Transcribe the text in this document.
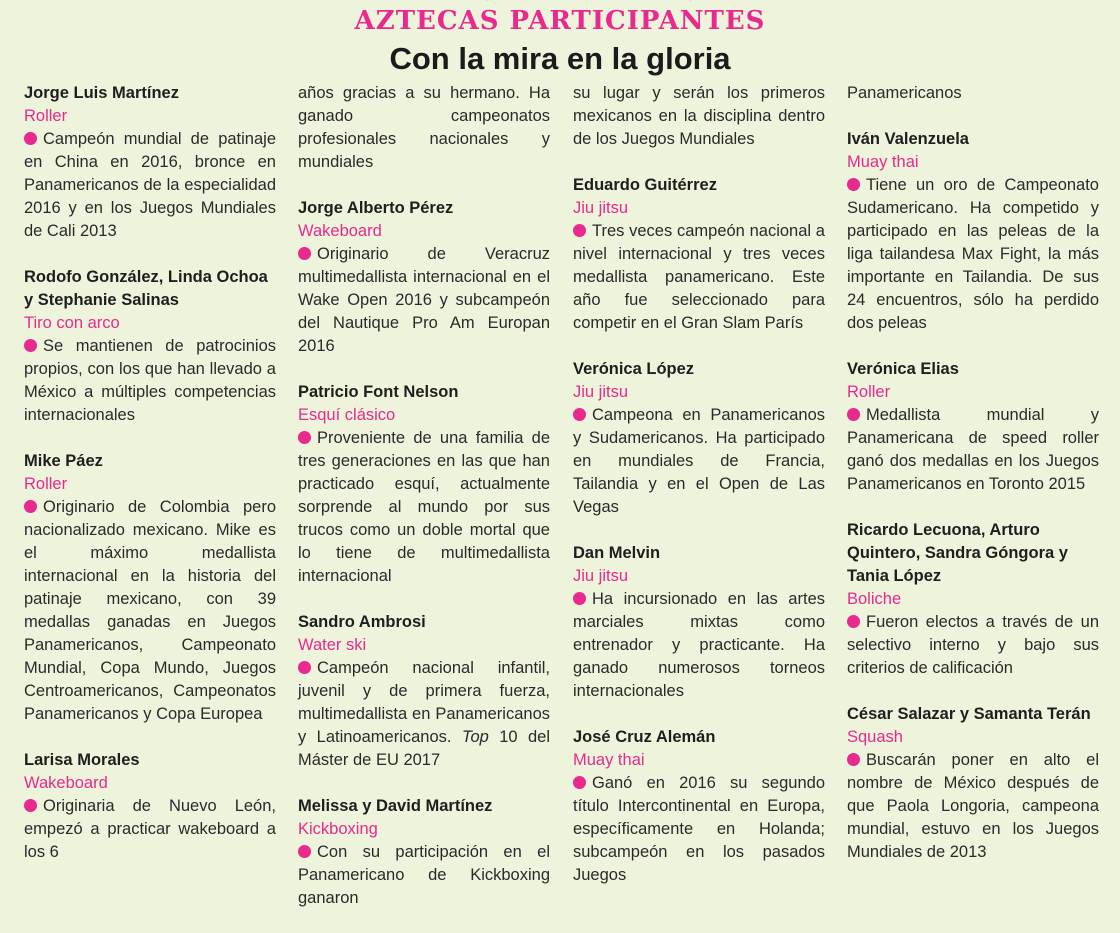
AZTECAS PARTICIPANTES
Con la mira en la gloria
Jorge Luis Martínez
Roller
Campeón mundial de patinaje en China en 2016, bronce en Panamericanos de la especialidad 2016 y en los Juegos Mundiales de Cali 2013
Rodofo González, Linda Ochoa y Stephanie Salinas
Tiro con arco
Se mantienen de patrocinios propios, con los que han llevado a México a múltiples competencias internacionales
Mike Páez
Roller
Originario de Colombia pero nacionalizado mexicano. Mike es el máximo medallista internacional en la historia del patinaje mexicano, con 39 medallas ganadas en Juegos Panamericanos, Campeonato Mundial, Copa Mundo, Juegos Centroamericanos, Campeonatos Panamericanos y Copa Europea
Larisa Morales
Wakeboard
Originaria de Nuevo León, empezó a practicar wakeboard a los 6
años gracias a su hermano. Ha ganado campeonatos profesionales nacionales y mundiales
Jorge Alberto Pérez
Wakeboard
Originario de Veracruz multimedallista internacional en el Wake Open 2016 y subcampeón del Nautique Pro Am Europan 2016
Patricio Font Nelson
Esquí clásico
Proveniente de una familia de tres generaciones en las que han practicado esquí, actualmente sorprende al mundo por sus trucos como un doble mortal que lo tiene de multimedallista internacional
Sandro Ambrosi
Water ski
Campeón nacional infantil, juvenil y de primera fuerza, multimedallista en Panamericanos y Latinoamericanos. Top 10 del Máster de EU 2017
Melissa y David Martínez
Kickboxing
Con su participación en el Panamericano de Kickboxing ganaron
su lugar y serán los primeros mexicanos en la disciplina dentro de los Juegos Mundiales
Eduardo Guitérrez
Jiu jitsu
Tres veces campeón nacional a nivel internacional y tres veces medallista panamericano. Este año fue seleccionado para competir en el Gran Slam París
Verónica López
Jiu jitsu
Campeona en Panamericanos y Sudamericanos. Ha participado en mundiales de Francia, Tailandia y en el Open de Las Vegas
Dan Melvin
Jiu jitsu
Ha incursionado en las artes marciales mixtas como entrenador y practicante. Ha ganado numerosos torneos internacionales
José Cruz Alemán
Muay thai
Ganó en 2016 su segundo título Intercontinental en Europa, específicamente en Holanda; subcampeón en los pasados Juegos
Panamericanos
Iván Valenzuela
Muay thai
Tiene un oro de Campeonato Sudamericano. Ha competido y participado en las peleas de la liga tailandesa Max Fight, la más importante en Tailandia. De sus 24 encuentros, sólo ha perdido dos peleas
Verónica Elias
Roller
Medallista mundial y Panamericana de speed roller ganó dos medallas en los Juegos Panamericanos en Toronto 2015
Ricardo Lecuona, Arturo Quintero, Sandra Góngora y Tania López
Boliche
Fueron electos a través de un selectivo interno y bajo sus criterios de calificación
César Salazar y Samanta Terán
Squash
Buscarán poner en alto el nombre de México después de que Paola Longoria, campeona mundial, estuvo en los Juegos Mundiales de 2013
